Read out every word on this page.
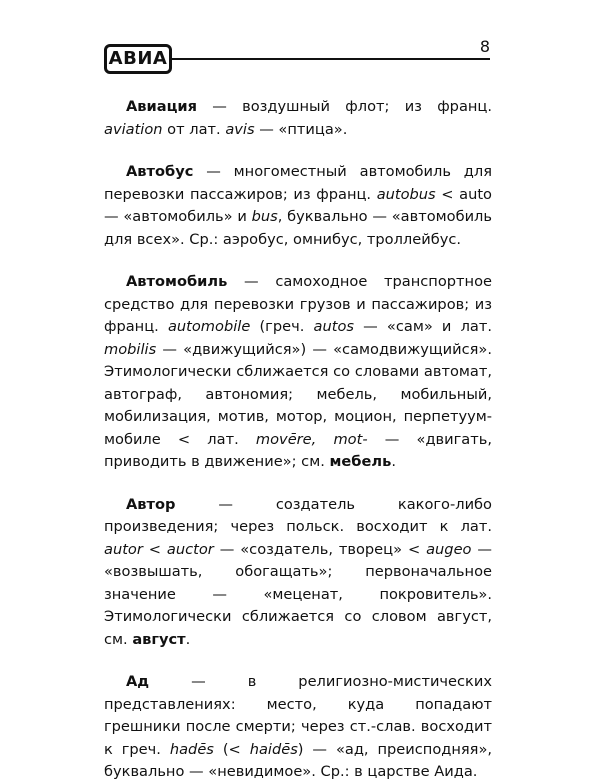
АВИА
8

Авиация — воздушный флот; из франц. aviation от лат. avis — «птица».

Автобус — многоместный автомобиль для перевозки пассажиров; из франц. autobus < auto — «автомобиль» и bus, буквально — «автомобиль для всех». Ср.: аэробус, омнибус, троллейбус.

Автомобиль — самоходное транспортное средство для перевозки грузов и пассажиров; из франц. automobile (греч. autos — «сам» и лат. mobilis — «движущийся») — «самодвижущийся». Этимологически сближается со словами автомат, автограф, автономия; мебель, мобильный, мобилизация, мотив, мотор, моцион, перпетуум-мобиле < лат. movēre, mot- — «двигать, приводить в движение»; см. мебель.

Автор — создатель какого-либо произведения; через польск. восходит к лат. autor < auctor — «создатель, творец» < augeo — «возвышать, обогащать»; первоначальное значение — «меценат, покровитель». Этимологически сближается со словом август, см. август.

Ад — в религиозно-мистических представлениях: место, куда попадают грешники после смерти; через ст.-слав. восходит к греч. hadēs (< haidēs) — «ад, преисподняя», буквально — «невидимое». Ср.: в царстве Аида.
